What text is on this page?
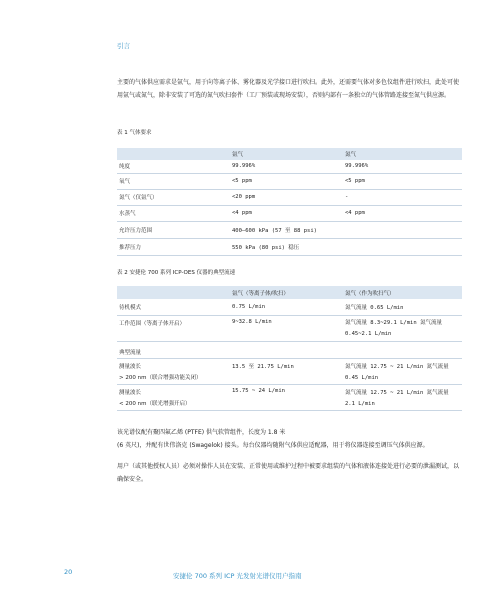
引言
主要的气体供应需求是氩气，用于向等离子体、雾化器及光学接口进行吹扫。此外，还需要气体对多色仪组件进行吹扫，此处可使用氩气或氮气，除非安装了可选的氮气吹扫套件（工厂预装或现场安装），否则内部有一条独立的气体管路连接至氮气供应源。
表 1 气体要求
	氩气	氮气
纯度	99.996%	99.996%
氧气	<5 ppm	<5 ppm
氮气（仅氩气）	<20 ppm	-
水蒸气	<4 ppm	<4 ppm
允许压力范围	400–600 kPa (57 至 88 psi)	
推荐压力	550 kPa (80 psi) 稳压	
表 2 安捷伦 700 系列 ICP-OES 仪器的典型流速
	氩气（等离子体/吹扫）	氮气（作为吹扫气）
待机模式	0.75 L/min	氮气流量 0.65 L/min
工作范围（等离子体开启）	9~32.8 L/min	氮气流量 8.3~29.1 L/min 氮气流量
0.45~2.1 L/min

典型流量		
测量波长
> 200 nm（联合增强功能关闭）	13.5 至 21.75 L/min	氮气流量 12.75 ~ 21 L/min 氮气流量
0.45 L/min
测量波长
< 200 nm（联光增强开启）	15.75 ~ 24 L/min	氮气流量 12.75 ~ 21 L/min 氮气流量
2.1 L/min
该光谱仪配有聚四氟乙烯 (PTFE) 供气软管组件，长度为 1.8 米
(6 英尺)，并配有世伟洛克 (Swagelok) 接头。每台仪器均随附气体供应适配器，用于将仪器连接至调压气体供应源。
用户（或其他授权人员）必须对操作人员在安装、正常使用或维护过程中被要求组装的气体和液体连接处进行必要的泄漏测试，以确保安全。
20	安捷伦 700 系列 ICP 光发射光谱仪用户指南
